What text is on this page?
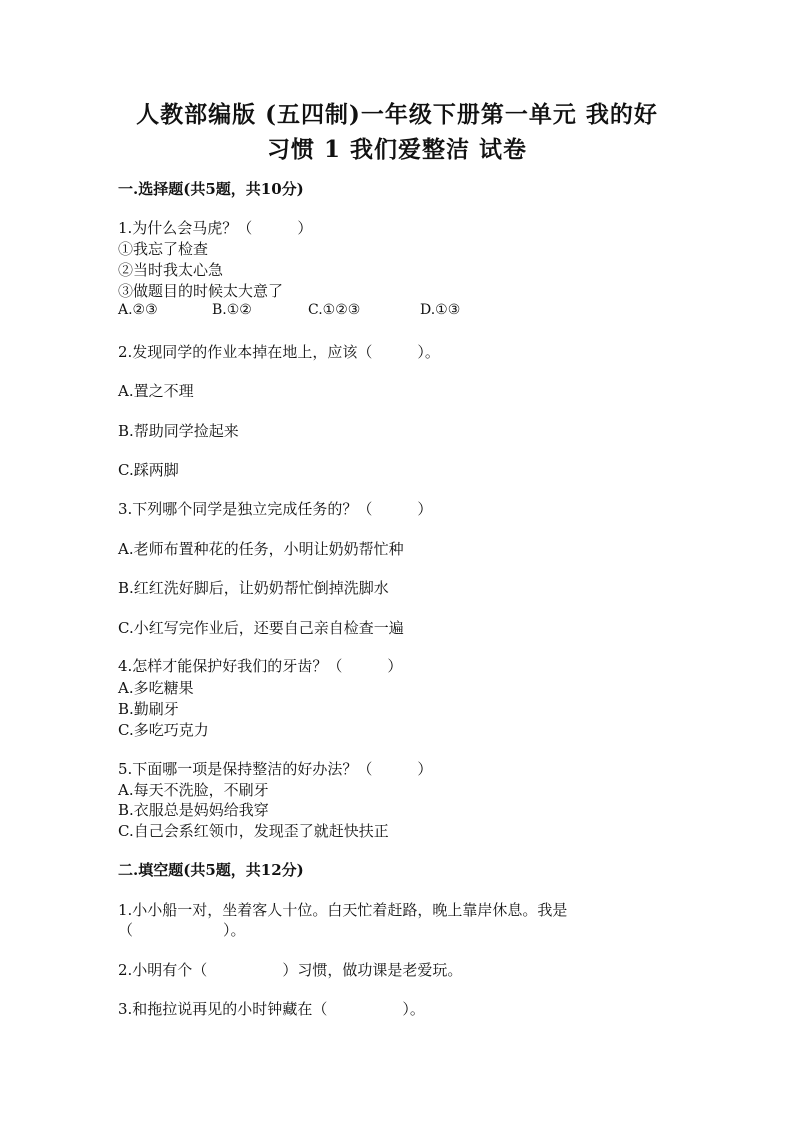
人教部编版 (五四制)一年级下册第一单元 我的好
习惯 1 我们爱整洁 试卷
一.选择题(共5题，共10分)
1.为什么会马虎？（　　　）
①我忘了检查
②当时我太心急
③做题目的时候太大意了
A.②③	B.①②	C.①②③	D.①③
2.发现同学的作业本掉在地上，应该（　　　）。
A.置之不理
B.帮助同学捡起来
C.踩两脚
3.下列哪个同学是独立完成任务的？（　　　）
A.老师布置种花的任务，小明让奶奶帮忙种
B.红红洗好脚后，让奶奶帮忙倒掉洗脚水
C.小红写完作业后，还要自己亲自检查一遍
4.怎样才能保护好我们的牙齿？（　　　）
A.多吃糖果
B.勤刷牙
C.多吃巧克力
5.下面哪一项是保持整洁的好办法？（　　　）
A.每天不洗脸，不刷牙
B.衣服总是妈妈给我穿
C.自己会系红领巾，发现歪了就赶快扶正
二.填空题(共5题，共12分)
1.小小船一对，坐着客人十位。白天忙着赶路，晚上靠岸休息。我是
（　　　　　　）。
2.小明有个（　　　　　）习惯，做功课是老爱玩。
3.和拖拉说再见的小时钟藏在（　　　　　）。
